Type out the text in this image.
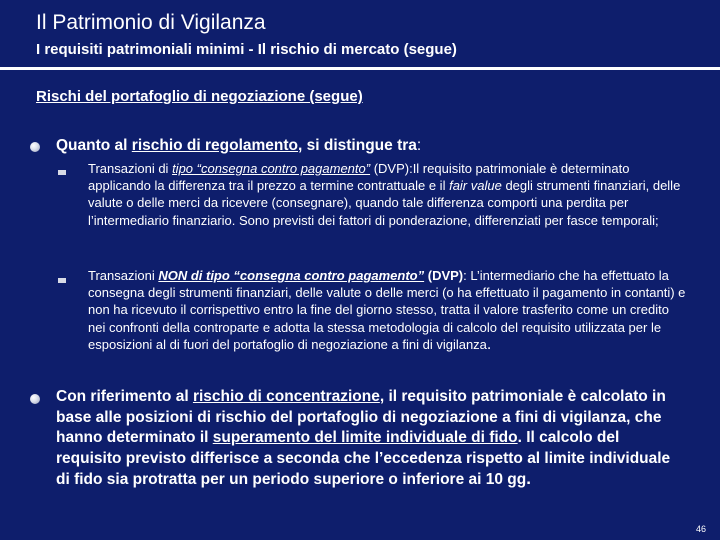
Il Patrimonio di Vigilanza
I requisiti patrimoniali minimi - Il rischio di mercato (segue)
Rischi del portafoglio di negoziazione (segue)
Quanto al rischio di regolamento, si distingue tra:
Transazioni di tipo “consegna contro pagamento” (DVP):Il requisito patrimoniale è determinato applicando la differenza tra il prezzo a termine contrattuale e il fair value degli strumenti finanziari, delle valute o delle merci da ricevere (consegnare), quando tale differenza comporti una perdita per l’intermediario finanziario. Sono previsti dei fattori di ponderazione, differenziati per fasce temporali;
Transazioni NON di tipo “consegna contro pagamento” (DVP): L’intermediario che ha effettuato la consegna degli strumenti finanziari, delle valute o delle merci (o ha effettuato il pagamento in contanti) e non ha ricevuto il corrispettivo entro la fine del giorno stesso, tratta il valore trasferito come un credito nei confronti della controparte e adotta la stessa metodologia di calcolo del requisito utilizzata per le esposizioni al di fuori del portafoglio di negoziazione a fini di vigilanza.
Con riferimento al rischio di concentrazione, il requisito patrimoniale è calcolato in base alle posizioni di rischio del portafoglio di negoziazione a fini di vigilanza, che hanno determinato il superamento del limite individuale di fido. Il calcolo del requisito previsto differisce a seconda che l’eccedenza rispetto al limite individuale di fido sia protratta per un periodo superiore o inferiore ai 10 gg.
46
